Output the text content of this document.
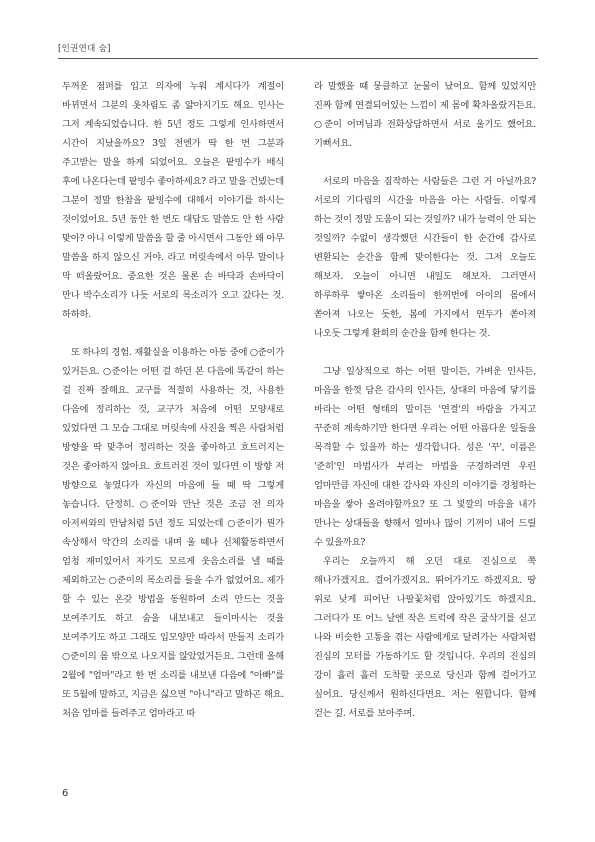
[인권연대 숨]

두꺼운 점퍼를 입고 의자에 누워 계시다가 계절이 바뀌면서 그분의 옷차림도 좀 얇아지기도 해요. 인사는 그저 계속되었습니다. 한 5년 정도 그렇게 인사하면서 시간이 지났을까요? 3일 전엔가 딱 한 번 그분과 주고받는 말을 하게 되었어요. 오늘은 팥빙수가 배식 후에 나온다는데 팥빙수 좋아하세요? 라고 말을 건넸는데 그분이 정말 한참을 팥빙수에 대해서 이야기를 하시는 것이었어요. 5년 동안 한 번도 대답도 말씀도 안 한 사람 맞아? 아니 이렇게 말씀을 할 줄 아시면서 그동안 왜 아무 말씀을 하지 않으신 거야. 라고 머릿속에서 아무 말이나 막 떠올랐어요. 중요한 것은 물론 손 바닥과 손바닥이 만나 박수소리가 나듯 서로의 목소리가 오고 갔다는 것. 하하하.

또 하나의 경험. 재활실을 이용하는 아동 중에 ○준이가 있거든요. ○준이는 어떤 걸 하던 본 다음에 똑같이 하는 걸 진짜 잘해요. 교구를 적절히 사용하는 것, 사용한 다음에 정리하는 것, 교구가 처음에 어떤 모양새로 있었다면 그 모습 그대로 머릿속에 사진을 찍은 사람처럼 방향을 딱 맞추어 정리하는 것을 좋아하고 흐트러지는 것은 좋아하지 않아요. 흐트러진 것이 있다면 이 방향 저 방향으로 놓였다가 자신의 마음에 들 때 딱 그렇게 놓습니다. 단정히. ○준이와 만난 것은 조금 전 의자 아저씨와의 만남처럼 5년 정도 되었는데 ○준이가 뭔가 속상해서 약간의 소리를 내며 울 때나 신체활동하면서 엄청 재미있어서 자기도 모르게 웃음소리를 낼 때를 제외하고는 ○준이의 목소리를 들을 수가 없었어요. 제가 할 수 있는 온갖 방법을 동원하여 소리 만드는 것을 보여주기도 하고 숨을 내보내고 들이마시는 것을 보여주기도 하고 그래도 입모양만 따라서 만들지 소리가 ○준이의 몸 밖으로 나오지를 않았었거든요. 그런데 올해 2월에 "엄마"라고 한 번 소리를 내보낸 다음에 "아빠"를 또 5월에 말하고, 지금은 싫으면 "아니"라고 말하곤 해요. 처음 엄마를 들려주고 엄마라고 따

라 말했을 때 뭉클하고 눈물이 났어요. 함께 있었지만 진짜 함께 연결되어있는 느낌이 제 몸에 확차올랐거든요. ○준이 어머님과 전화상담하면서 서로 울기도 했어요. 기뻐서요.

서로의 마음을 짐작하는 사람들은 그런 거 아닐까요? 서로의 기다림의 시간을 마음을 아는 사람들. 이렇게 하는 것이 정말 도움이 되는 것일까? 내가 능력이 안 되는 것일까? 수없이 생각했던 시간들이 한 순간에 감사로 변환되는 순간을 함께 맞이한다는 것. 그저 오늘도 해보자. 오늘이 아니면 내일도 해보자. 그러면서 하루하루 쌓아온 소리들이 한꺼번에 아이의 몸에서 쏟아져 나오는 듯한, 봄에 가지에서 연두가 쏟아져 나오듯 그렇게 환희의 순간을 함께 한다는 것.

그냥 일상적으로 하는 어떤 말이든, 가벼운 인사든, 마음을 한껏 담은 감사의 인사든, 상대의 마음에 닿기를 바라는 어떤 형태의 말이든 '연결'의 바람을 가지고 꾸준히 계속하기만 한다면 우리는 어떤 아름다운 일들을 목격할 수 있을까 하는 생각합니다. 성은 '꾸', 이름은 '준히'인 마법사가 부리는 마법을 구경하려면 우린 엄마만큼 자신에 대한 감사와 자신의 이야기를 경청하는 마음을 쌓아 올려야할까요? 또 그 빛깔의 마음을 내가 만나는 상대들을 향해서 얼마나 많이 기꺼이 내어 드릴 수 있을까요?

우리는 오늘까지 해 오던 대로 진심으로 쭉 해나가겠지요. 걸어가겠지요. 뛰어가기도 하겠지요. 땅 위로 낮게 피어난 나팔꽃처럼 앉아있기도 하겠지요. 그러다가 또 어느 날엔 작은 트럭에 작은 굴삭기를 싣고 나와 비슷한 고통을 겪는 사람에게로 달려가는 사람처럼 진심의 모터를 가동하기도 할 것입니다. 우리의 진심의 강이 흘러 흘러 도착할 곳으로 당신과 함께 걸어가고 싶어요. 당신께서 원하신다면요. 저는 원합니다. 함께 걷는 길. 서로를 보아주며.

6
